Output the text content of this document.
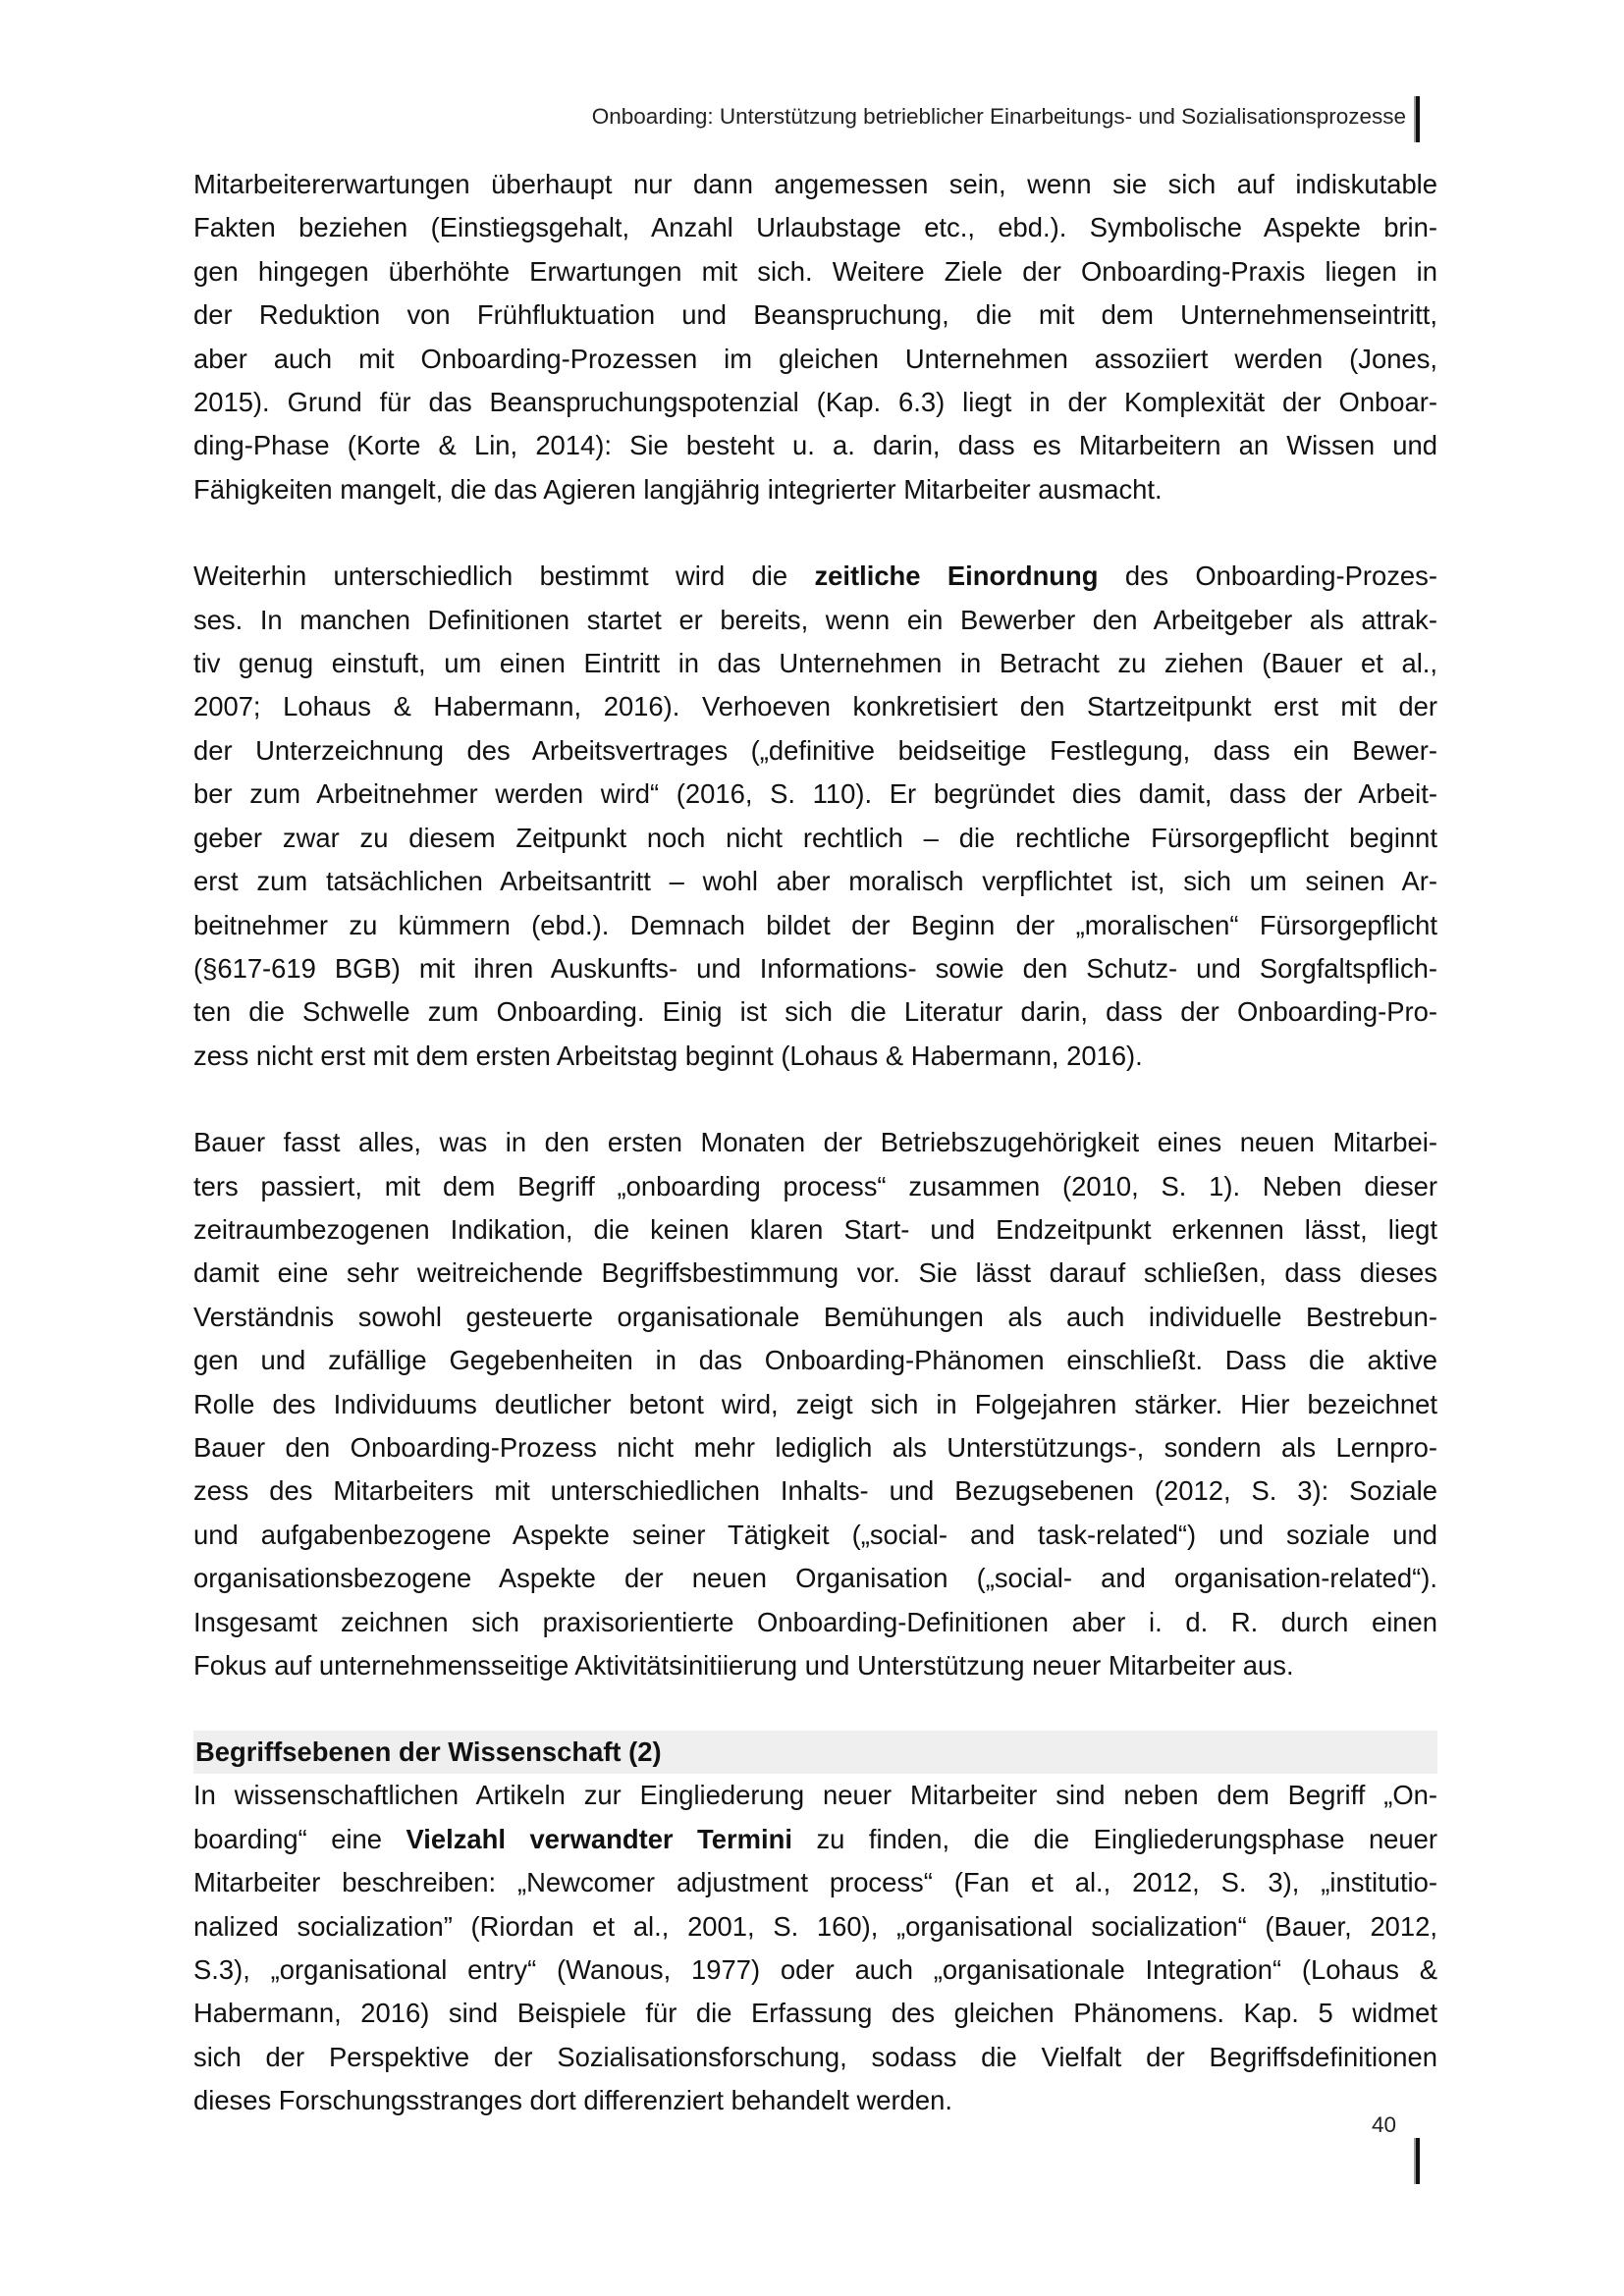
Onboarding: Unterstützung betrieblicher Einarbeitungs- und Sozialisationsprozesse
Mitarbeitererwartungen überhaupt nur dann angemessen sein, wenn sie sich auf indiskutable
Fakten beziehen (Einstiegsgehalt, Anzahl Urlaubstage etc., ebd.). Symbolische Aspekte brin-
gen hingegen überhöhte Erwartungen mit sich. Weitere Ziele der Onboarding-Praxis liegen in
der Reduktion von Frühfluktuation und Beanspruchung, die mit dem Unternehmenseintritt,
aber auch mit Onboarding-Prozessen im gleichen Unternehmen assoziiert werden (Jones,
2015). Grund für das Beanspruchungspotenzial (Kap. 6.3) liegt in der Komplexität der Onboar-
ding-Phase (Korte & Lin, 2014): Sie besteht u. a. darin, dass es Mitarbeitern an Wissen und
Fähigkeiten mangelt, die das Agieren langjährig integrierter Mitarbeiter ausmacht.
Weiterhin unterschiedlich bestimmt wird die zeitliche Einordnung des Onboarding-Prozes-
ses. In manchen Definitionen startet er bereits, wenn ein Bewerber den Arbeitgeber als attrak-
tiv genug einstuft, um einen Eintritt in das Unternehmen in Betracht zu ziehen (Bauer et al.,
2007; Lohaus & Habermann, 2016). Verhoeven konkretisiert den Startzeitpunkt erst mit der
der Unterzeichnung des Arbeitsvertrages („definitive beidseitige Festlegung, dass ein Bewer-
ber zum Arbeitnehmer werden wird“ (2016, S. 110). Er begründet dies damit, dass der Arbeit-
geber zwar zu diesem Zeitpunkt noch nicht rechtlich – die rechtliche Fürsorgepflicht beginnt
erst zum tatsächlichen Arbeitsantritt – wohl aber moralisch verpflichtet ist, sich um seinen Ar-
beitnehmer zu kümmern (ebd.). Demnach bildet der Beginn der „moralischen“ Fürsorgepflicht
(§617-619 BGB) mit ihren Auskunfts- und Informations- sowie den Schutz- und Sorgfaltspflich-
ten die Schwelle zum Onboarding. Einig ist sich die Literatur darin, dass der Onboarding-Pro-
zess nicht erst mit dem ersten Arbeitstag beginnt (Lohaus & Habermann, 2016).
Bauer fasst alles, was in den ersten Monaten der Betriebszugehörigkeit eines neuen Mitarbei-
ters passiert, mit dem Begriff „onboarding process“ zusammen (2010, S. 1). Neben dieser
zeitraumbezogenen Indikation, die keinen klaren Start- und Endzeitpunkt erkennen lässt, liegt
damit eine sehr weitreichende Begriffsbestimmung vor. Sie lässt darauf schließen, dass dieses
Verständnis sowohl gesteuerte organisationale Bemühungen als auch individuelle Bestrebun-
gen und zufällige Gegebenheiten in das Onboarding-Phänomen einschließt. Dass die aktive
Rolle des Individuums deutlicher betont wird, zeigt sich in Folgejahren stärker. Hier bezeichnet
Bauer den Onboarding-Prozess nicht mehr lediglich als Unterstützungs-, sondern als Lernpro-
zess des Mitarbeiters mit unterschiedlichen Inhalts- und Bezugsebenen (2012, S. 3): Soziale
und aufgabenbezogene Aspekte seiner Tätigkeit („social- and task-related“) und soziale und
organisationsbezogene Aspekte der neuen Organisation („social- and organisation-related“).
Insgesamt zeichnen sich praxisorientierte Onboarding-Definitionen aber i. d. R. durch einen
Fokus auf unternehmensseitige Aktivitätsinitiierung und Unterstützung neuer Mitarbeiter aus.
Begriffsebenen der Wissenschaft (2)
In wissenschaftlichen Artikeln zur Eingliederung neuer Mitarbeiter sind neben dem Begriff „On-
boarding“ eine Vielzahl verwandter Termini zu finden, die die Eingliederungsphase neuer
Mitarbeiter beschreiben: „Newcomer adjustment process“ (Fan et al., 2012, S. 3), „institutio-
nalized socialization” (Riordan et al., 2001, S. 160), „organisational socialization“ (Bauer, 2012,
S.3), „organisational entry“ (Wanous, 1977) oder auch „organisationale Integration“ (Lohaus &
Habermann, 2016) sind Beispiele für die Erfassung des gleichen Phänomens. Kap. 5 widmet
sich der Perspektive der Sozialisationsforschung, sodass die Vielfalt der Begriffsdefinitionen
dieses Forschungsstranges dort differenziert behandelt werden.
40
